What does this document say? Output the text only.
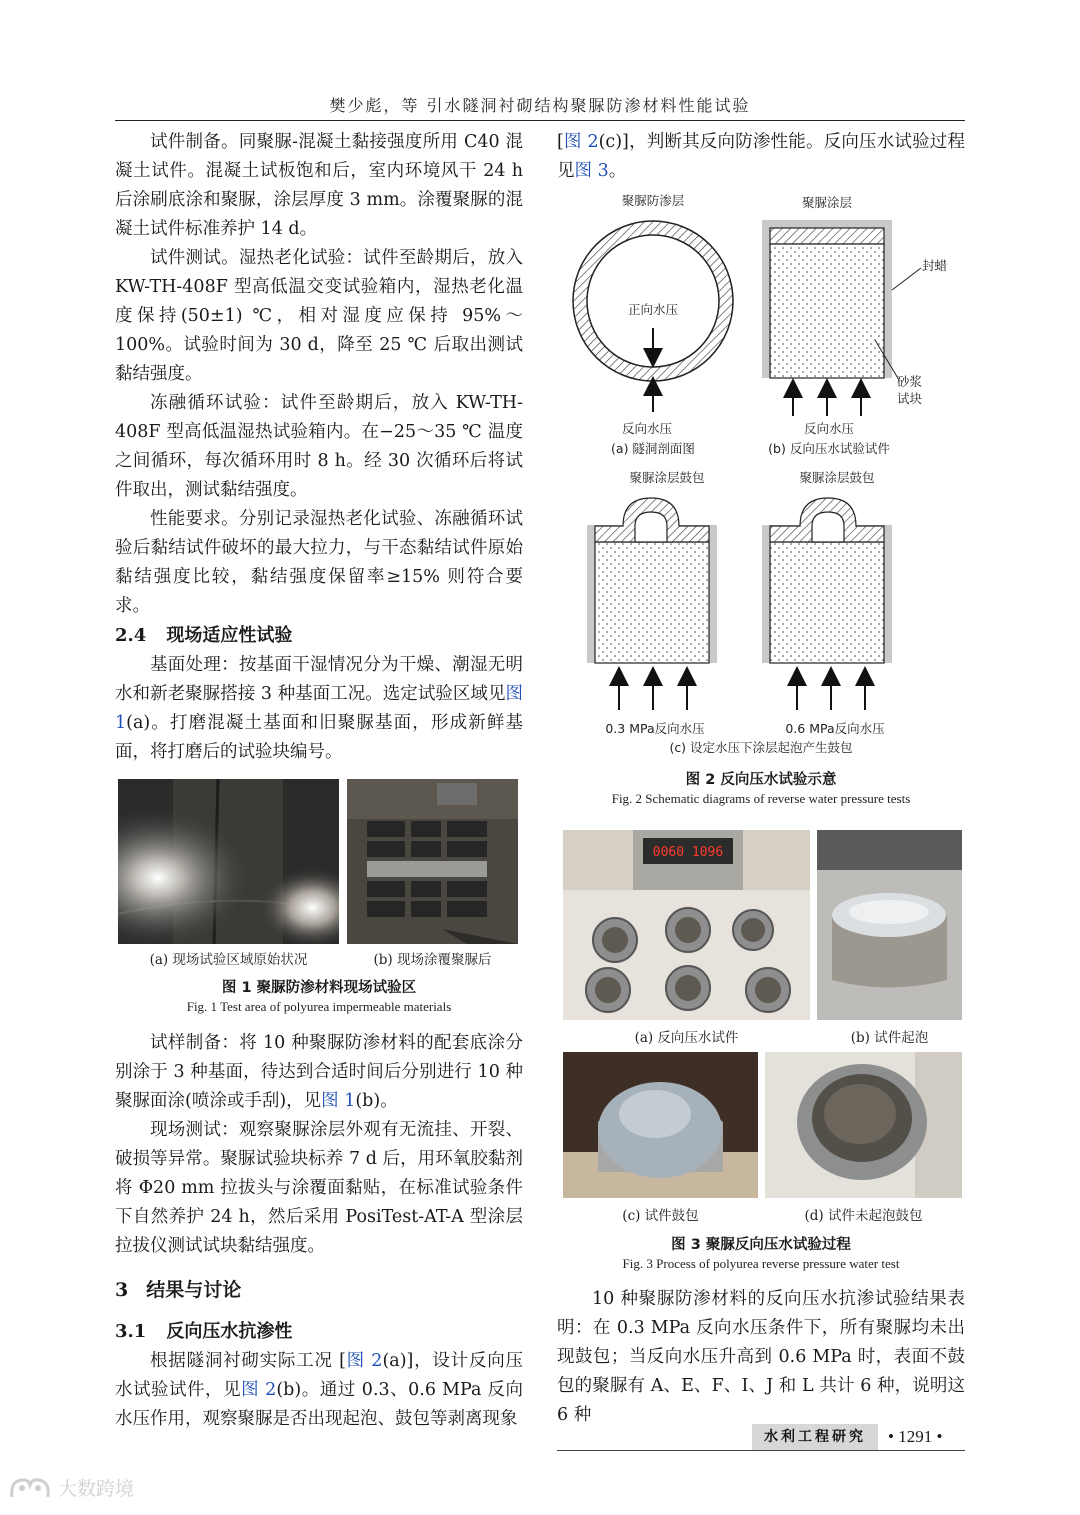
樊少彪，等 引水隧洞衬砌结构聚脲防渗材料性能试验

试件制备。同聚脲-混凝土黏接强度所用 C40 混凝土试件。混凝土试板饱和后，室内环境风干 24 h 后涂刷底涂和聚脲，涂层厚度 3 mm。涂覆聚脲的混凝土试件标准养护 14 d。

试件测试。湿热老化试验：试件至龄期后，放入 KW-TH-408F 型高低温交变试验箱内，湿热老化温度保持(50±1) ℃，相对湿度应保持 95%～100%。试验时间为 30 d，降至 25 ℃ 后取出测试黏结强度。

冻融循环试验：试件至龄期后，放入 KW-TH-408F 型高低温湿热试验箱内。在−25～35 ℃ 温度之间循环，每次循环用时 8 h。经 30 次循环后将试件取出，测试黏结强度。

性能要求。分别记录湿热老化试验、冻融循环试验后黏结试件破坏的最大拉力，与干态黏结试件原始黏结强度比较，黏结强度保留率≥15% 则符合要求。

2.4 现场适应性试验

基面处理：按基面干湿情况分为干燥、潮湿无明水和新老聚脲搭接 3 种基面工况。选定试验区域见图 1(a)。打磨混凝土基面和旧聚脲基面，形成新鲜基面，将打磨后的试验块编号。

(a) 现场试验区域原始状况	(b) 现场涂覆聚脲后
图 1 聚脲防渗材料现场试验区
Fig. 1 Test area of polyurea impermeable materials

试样制备：将 10 种聚脲防渗材料的配套底涂分别涂于 3 种基面，待达到合适时间后分别进行 10 种聚脲面涂(喷涂或手刮)，见图 1(b)。

现场测试：观察聚脲涂层外观有无流挂、开裂、破损等异常。聚脲试验块标养 7 d 后，用环氧胶黏剂将 Φ20 mm 拉拔头与涂覆面黏贴，在标准试验条件下自然养护 24 h，然后采用 PosiTest-AT-A 型涂层拉拔仪测试试块黏结强度。

3 结果与讨论
3.1 反向压水抗渗性

根据隧洞衬砌实际工况 [图 2(a)]，设计反向压水试验试件，见图 2(b)。通过 0.3、0.6 MPa 反向水压作用，观察聚脲是否出现起泡、鼓包等剥离现象

[图 2(c)]，判断其反向防渗性能。反向压水试验过程见图 3。

聚脲防渗层
正向水压
反向水压
(a) 隧洞剖面图
聚脲涂层
封蜡
砂浆
试块
反向水压
(b) 反向压水试验试件
聚脲涂层鼓包
0.3 MPa反向水压
聚脲涂层鼓包
0.6 MPa反向水压
(c) 设定水压下涂层起泡产生鼓包
图 2 反向压水试验示意
Fig. 2 Schematic diagrams of reverse water pressure tests
0060 1096
(a) 反向压水试件	(b) 试件起泡
(c) 试件鼓包	(d) 试件未起泡鼓包
图 3 聚脲反向压水试验过程
Fig. 3 Process of polyurea reverse pressure water test

10 种聚脲防渗材料的反向压水抗渗试验结果表明：在 0.3 MPa 反向水压条件下，所有聚脲均未出现鼓包；当反向水压升高到 0.6 MPa 时，表面不鼓包的聚脲有 A、E、F、I、J 和 L 共计 6 种，说明这 6 种

水利工程研究	• 1291 •
大数跨境
